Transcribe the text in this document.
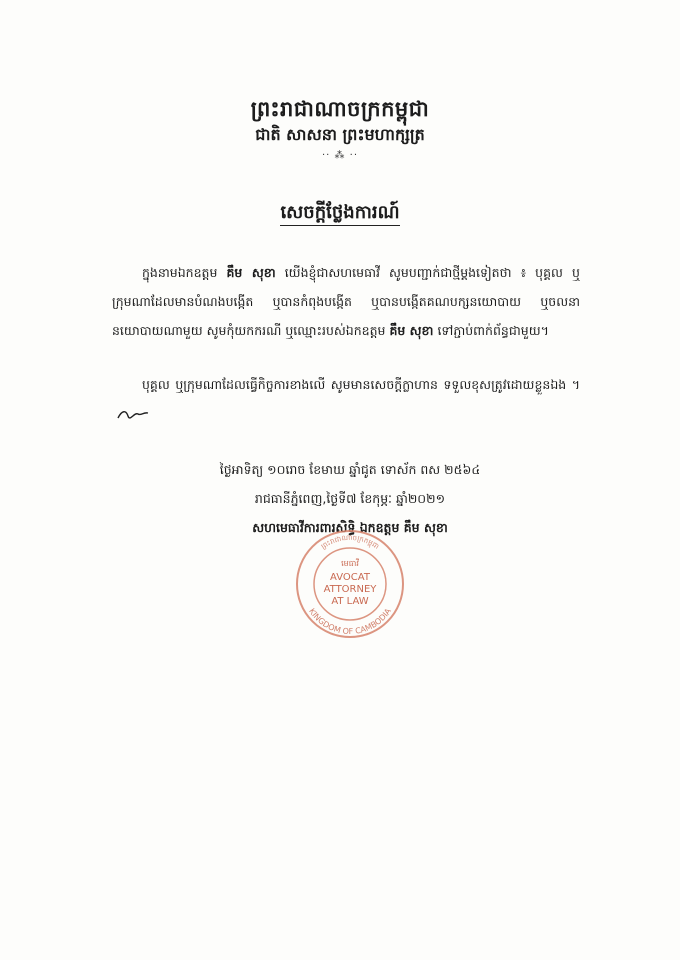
ព្រះរាជាណាចក្រកម្ពុជា
ជាតិ សាសនា ព្រះមហាក្សត្រ
·· ⁂ ··
សេចក្តីថ្លែងការណ៍
ក្នុងនាមឯកឧត្តម គឹម សុខា យើងខ្ញុំជាសហមេធាវី សូមបញ្ជាក់ជាថ្មីម្តងទៀតថា ៖ បុគ្គល ឬក្រុមណាដែលមានបំណងបង្កើត ឬបានកំពុងបង្កើត ឬបានបង្កើតគណបក្សនយោបាយ ឬចលនានយោបាយណាមួយ សូមកុំយកករណី ឬឈ្មោះរបស់ឯកឧត្តម គឹម សុខា ទៅភ្ជាប់ពាក់ព័ន្ធជាមួយ។
បុគ្គល ឬក្រុមណាដែលធ្វើកិច្ចការខាងលើ សូមមានសេចក្តីក្លាហាន ទទួលខុសត្រូវដោយខ្លួនឯង ។
ថ្ងៃអាទិត្យ ១០រោច ខែមាឃ ឆ្នាំជូត ទោស័ក ពស ២៥៦៤
រាជធានីភ្នំពេញ,ថ្ងៃទី៧ ខែកុម្ភៈ ឆ្នាំ២០២១
សហមេធាវីការពារសិទ្ធិ ឯកឧត្តម គឹម សុខា
ព្រះរាជាណាចក្រកម្ពុជា
KINGDOM OF CAMBODIA
មេធាវី
AVOCAT
ATTORNEY
AT LAW
